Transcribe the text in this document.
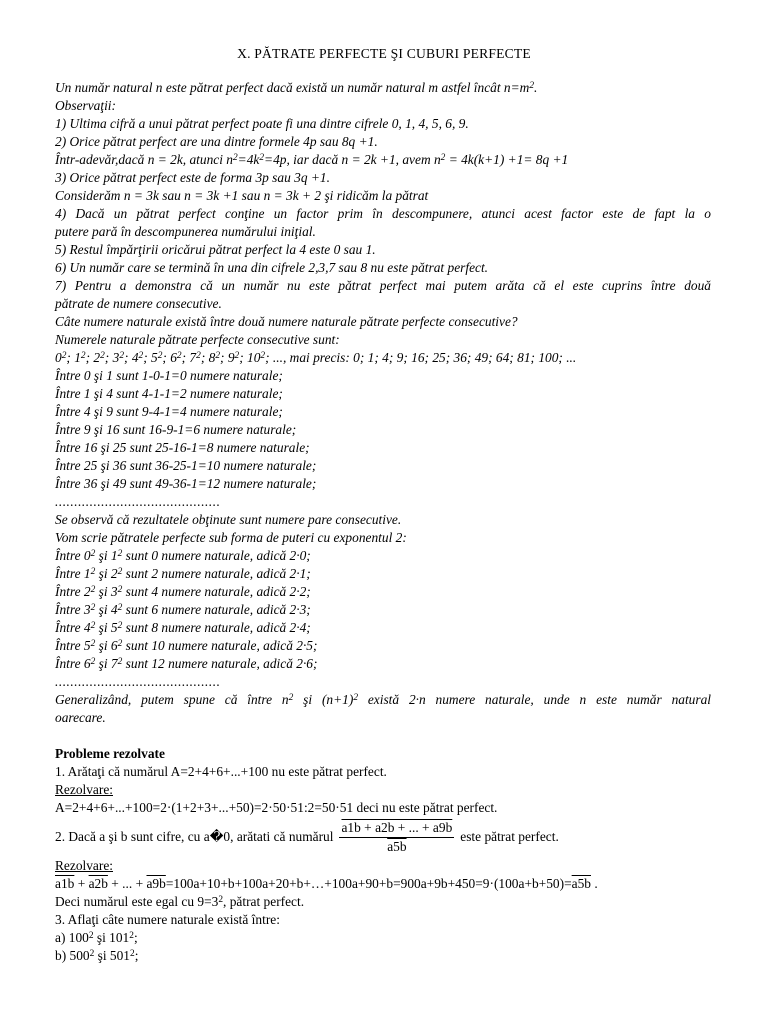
X. PĂTRATE PERFECTE ŞI CUBURI PERFECTE
Un număr natural n este pătrat perfect dacă există un număr natural m astfel încât $n=m^2$.
Observaţii:
1) Ultima cifră a unui pătrat perfect poate fi una dintre cifrele 0, 1, 4, 5, 6, 9.
2) Orice pătrat perfect are una dintre formele 4p sau 8q +1.
Într-adevăr,dacă n = 2k, atunci $n^2=4k^2=4p$, iar dacă n = 2k +1, avem $n^2 = 4k(k+1) +1= 8q +1$
3) Orice pătrat perfect este de forma 3p sau 3q +1.
Considerăm n = 3k sau n = 3k +1 sau n = 3k + 2 şi ridicăm la pătrat
4) Dacă un pătrat perfect conţine un factor prim în descompunere, atunci acest factor este de fapt la o
putere pară în descompunerea numărului iniţial.
5) Restul împărţirii oricărui pătrat perfect la 4 este 0 sau 1.
6) Un număr care se termină în una din cifrele 2,3,7 sau 8 nu este pătrat perfect.
7) Pentru a demonstra că un număr nu este pătrat perfect mai putem arăta că el este cuprins între două
pătrate de numere consecutive.
Câte numere naturale există între două numere naturale pătrate perfecte consecutive?
Numerele naturale pătrate perfecte consecutive sunt:
$0^2$; $1^2$; $2^2$; $3^2$; $4^2$; $5^2$; $6^2$; $7^2$; $8^2$; $9^2$; $10^2$; ..., mai precis: 0; 1; 4; 9; 16; 25; 36; 49; 64; 81; 100; ...
Între 0 şi 1 sunt 1-0-1=0 numere naturale;
Între 1 şi 4 sunt 4-1-1=2 numere naturale;
Între 4 şi 9 sunt 9-4-1=4 numere naturale;
Între 9 şi 16 sunt 16-9-1=6 numere naturale;
Între 16 şi 25 sunt 25-16-1=8 numere naturale;
Între 25 şi 36 sunt 36-25-1=10 numere naturale;
Între 36 şi 49 sunt 49-36-1=12 numere naturale;
...........................................
Se observă că rezultatele obţinute sunt numere pare consecutive.
Vom scrie pătratele perfecte sub forma de puteri cu exponentul 2:
Între $0^2$ şi $1^2$ sunt 0 numere naturale, adică 2·0;
Între $1^2$ şi $2^2$ sunt 2 numere naturale, adică 2·1;
Între $2^2$ şi $3^2$ sunt 4 numere naturale, adică 2·2;
Între $3^2$ şi $4^2$ sunt 6 numere naturale, adică 2·3;
Între $4^2$ şi $5^2$ sunt 8 numere naturale, adică 2·4;
Între $5^2$ şi $6^2$ sunt 10 numere naturale, adică 2·5;
Între $6^2$ şi $7^2$ sunt 12 numere naturale, adică 2·6;
...........................................
Generalizând, putem spune că între $n^2$ şi $(n+1)^2$ există 2·n numere naturale, unde n este număr natural
oarecare.
Probleme rezolvate
1. Arătaţi că numărul A=2+4+6+...+100 nu este pătrat perfect.
Rezolvare:
A=2+4+6+...+100=2·(1+2+3+...+50)=2·50·51:2=50·51 deci nu este pătrat perfect.
2. Dacă a şi b sunt cifre, cu a � 0, arătati că numărul $\frac{a1b + a2b + ... + a9b}{a5b}$ este pătrat perfect.
Rezolvare:
a1b + a2b + ... + a9b=100a+10+b+100a+20+b+…+100a+90+b=900a+9b+450=9·(100a+b+50)=a5b .
Deci numărul este egal cu $9=3^2$, pătrat perfect.
3. Aflaţi câte numere naturale există între:
a) $100^2$ şi $101^2$;
b) $500^2$ şi $501^2$;
